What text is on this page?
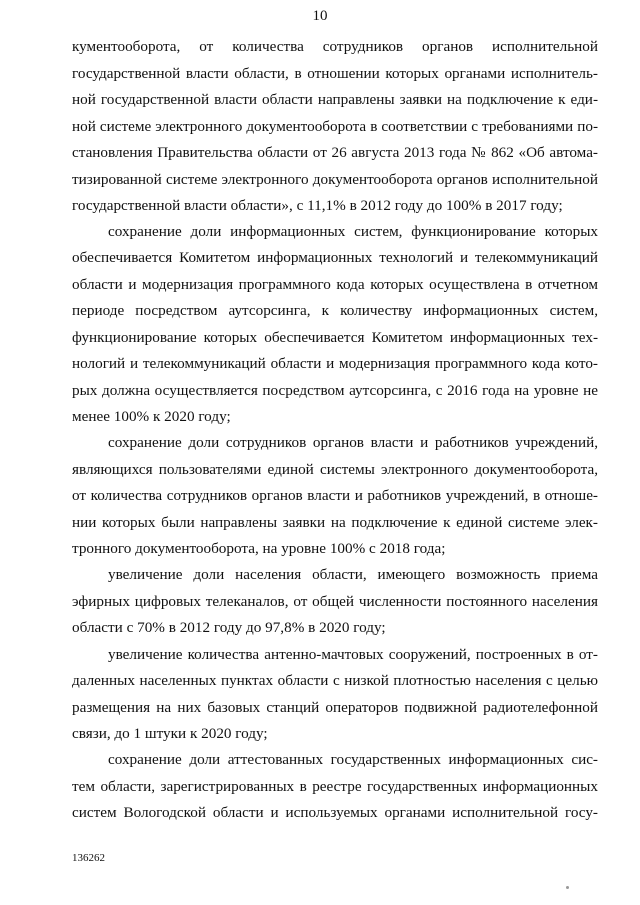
10
кументооборота, от количества сотрудников органов исполнительной
государственной власти области, в отношении которых органами исполнитель-
ной государственной власти области направлены заявки на подключение к еди-
ной системе электронного документооборота в соответствии с требованиями по-
становления Правительства области от 26 августа 2013 года № 862 «Об автома-
тизированной системе электронного документооборота органов исполнительной
государственной власти области», с 11,1% в 2012 году до 100% в 2017 году;
сохранение доли информационных систем, функционирование которых
обеспечивается Комитетом информационных технологий и телекоммуникаций
области и модернизация программного кода которых осуществлена в отчетном
периоде посредством аутсорсинга, к количеству информационных систем,
функционирование которых обеспечивается Комитетом информационных тех-
нологий и телекоммуникаций области и модернизация программного кода кото-
рых должна осуществляется посредством аутсорсинга, с 2016 года на уровне не
менее 100% к 2020 году;
сохранение доли сотрудников органов власти и работников учреждений,
являющихся пользователями единой системы электронного документооборота,
от количества сотрудников органов власти и работников учреждений, в отноше-
нии которых были направлены заявки на подключение к единой системе элек-
тронного документооборота, на уровне 100% с 2018 года;
увеличение доли населения области, имеющего возможность приема
эфирных цифровых телеканалов, от общей численности постоянного населения
области с 70% в 2012 году до 97,8% в 2020 году;
увеличение количества антенно-мачтовых сооружений, построенных в от-
даленных населенных пунктах области с низкой плотностью населения с целью
размещения на них базовых станций операторов подвижной радиотелефонной
связи, до 1 штуки к 2020 году;
сохранение доли аттестованных государственных информационных сис-
тем области, зарегистрированных в реестре государственных информационных
систем Вологодской области и используемых органами исполнительной госу-
136262
